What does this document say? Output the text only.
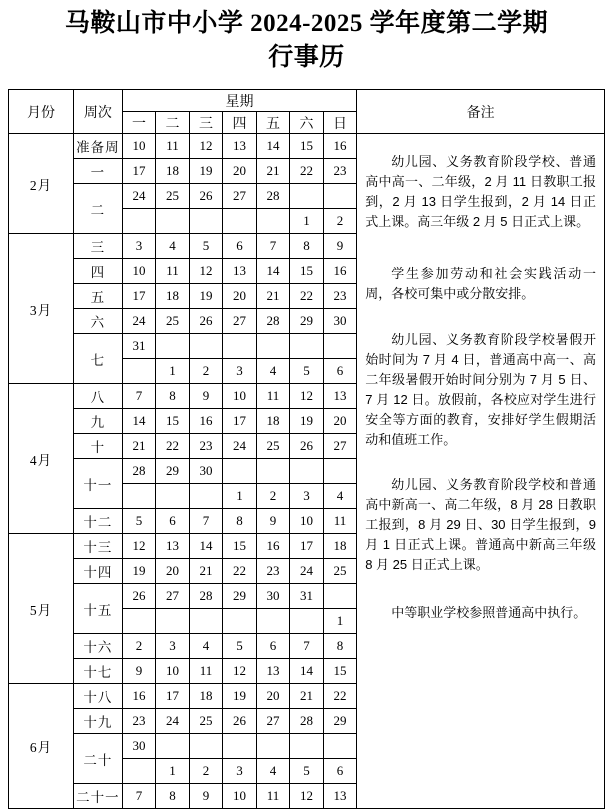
马鞍山市中小学 2024-2025 学年度第二学期
行事历
月份	周次	星期							备注
		一	二	三	四	五	六	日	
2月	准备周	10	11	12	13	14	15	16	幼儿园、义务教育阶段学校、普通高中高一、二年级，2 月 11 日教职工报到，2 月 13 日学生报到，2 月 14 日正式上课。高三年级 2 月 5 日正式上课。

学生参加劳动和社会实践活动一周，各校可集中或分散安排。

幼儿园、义务教育阶段学校暑假开始时间为 7 月 4 日，普通高中高一、高二年级暑假开始时间分别为 7 月 5 日、7 月 12 日。放假前，各校应对学生进行安全等方面的教育，安排好学生假期活动和值班工作。

幼儿园、义务教育阶段学校和普通高中新高一、高二年级，8 月 28 日教职工报到，8 月 29 日、30 日学生报到，9 月 1 日正式上课。普通高中新高三年级 8 月 25 日正式上课。

中等职业学校参照普通高中执行。

	一	17	18	19	20	21	22	23	
	二	24	25	26	27	28			
							1	2	
3月	三	3	4	5	6	7	8	9	
	四	10	11	12	13	14	15	16	
	五	17	18	19	20	21	22	23	
	六	24	25	26	27	28	29	30	
	七	31							
			1	2	3	4	5	6	
4月	八	7	8	9	10	11	12	13	
	九	14	15	16	17	18	19	20	
	十	21	22	23	24	25	26	27	
	十一	28	29	30					
					1	2	3	4	
	十二	5	6	7	8	9	10	11	
5月	十三	12	13	14	15	16	17	18	
	十四	19	20	21	22	23	24	25	
	十五	26	27	28	29	30	31		
								1	
	十六	2	3	4	5	6	7	8	
	十七	9	10	11	12	13	14	15	
6月	十八	16	17	18	19	20	21	22	
	十九	23	24	25	26	27	28	29	
	二十	30							
			1	2	3	4	5	6	
	二十一	7	8	9	10	11	12	13	
